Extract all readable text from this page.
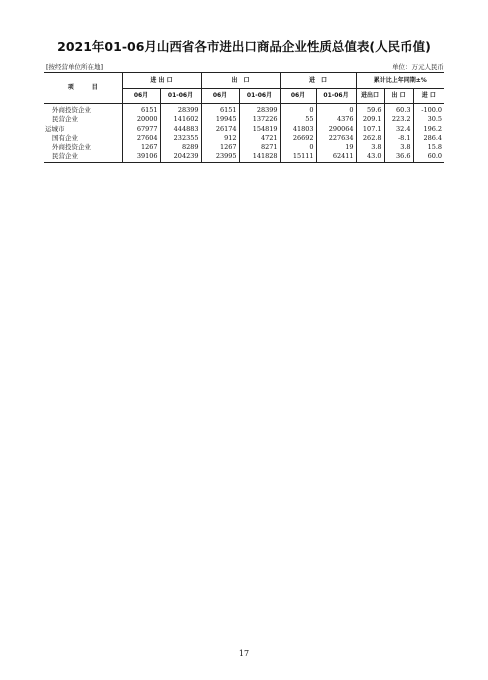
2021年01-06月山西省各市进出口商品企业性质总值表(人民币值)
[按经营单位所在地]	单位：万元人民币
项　　　目	进 出 口		出　口		进　口		累计比上年同期±%		
	06月	01-06月	06月	01-06月	06月	01-06月	进出口	出 口	进 口
外商投资企业	6151	28399	6151	28399	0	0	59.6	60.3	-100.0
民营企业	20000	141602	19945	137226	55	4376	209.1	223.2	30.5
运城市	67977	444883	26174	154819	41803	290064	107.1	32.4	196.2
国有企业	27604	232355	912	4721	26692	227634	262.8	-8.1	286.4
外商投资企业	1267	8289	1267	8271	0	19	3.8	3.8	15.8
民营企业	39106	204239	23995	141828	15111	62411	43.0	36.6	60.0
17
